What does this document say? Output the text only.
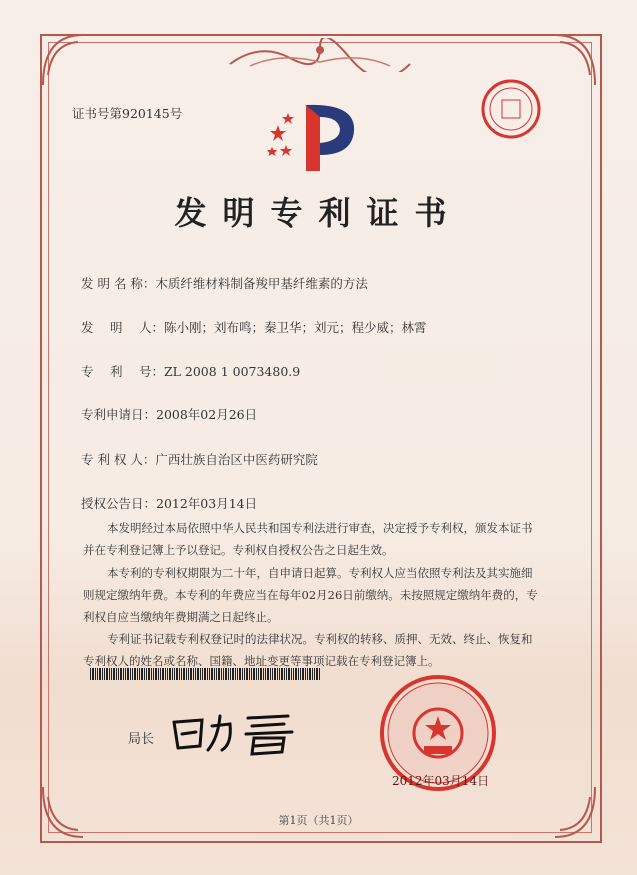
证书号第920145号
发明专利证书
发 明 名 称：木质纤维材料制备羧甲基纤维素的方法
发　 明　 人：陈小刚；刘布鸣；秦卫华；刘元；程少威；林霄
专　 利　 号：ZL 2008 1 0073480.9
专利申请日：2008年02月26日
专 利 权 人：广西壮族自治区中医药研究院
授权公告日：2012年03月14日
本发明经过本局依照中华人民共和国专利法进行审查，决定授予专利权，颁发本证书并在专利登记簿上予以登记。专利权自授权公告之日起生效。
本专利的专利权期限为二十年，自申请日起算。专利权人应当依照专利法及其实施细则规定缴纳年费。本专利的年费应当在每年02月26日前缴纳。未按照规定缴纳年费的，专利权自应当缴纳年费期满之日起终止。
专利证书记载专利权登记时的法律状况。专利权的转移、质押、无效、终止、恢复和专利权人的姓名或名称、国籍、地址变更等事项记载在专利登记簿上。
局长
2012年03月14日
第1页（共1页）
